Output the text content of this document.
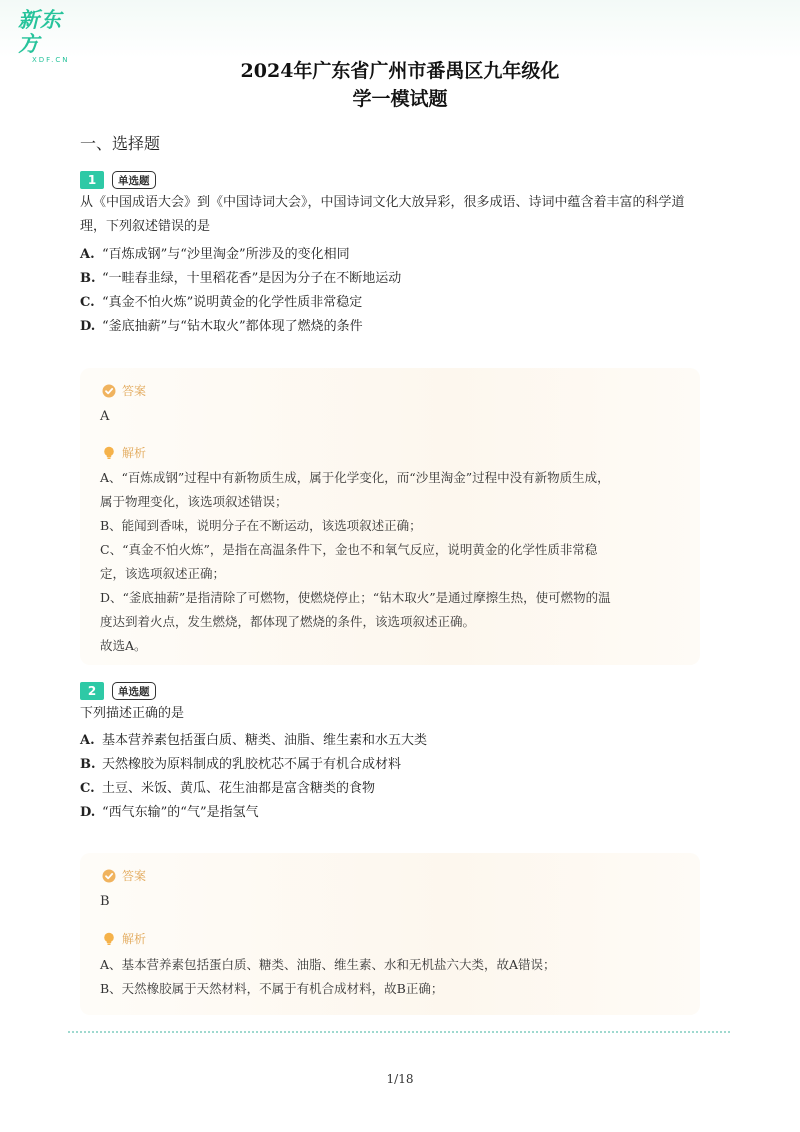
新东方
XDF.CN	2024年广东省广州市番禺区九年级化
学一模试题
一、选择题
1	单选题
从《中国成语大会》到《中国诗词大会》，中国诗词文化大放异彩，很多成语、诗词中蕴含着丰富的科学道理，下列叙述错误的是
A. “百炼成钢”与“沙里淘金”所涉及的变化相同
B. “一畦春韭绿，十里稻花香”是因为分子在不断地运动
C. “真金不怕火炼”说明黄金的化学性质非常稳定
D. “釜底抽薪”与“钻木取火”都体现了燃烧的条件
答案
A
解析
A、“百炼成钢”过程中有新物质生成，属于化学变化，而“沙里淘金”过程中没有新物质生成，
属于物理变化，该选项叙述错误；
B、能闻到香味，说明分子在不断运动，该选项叙述正确；
C、“真金不怕火炼”，是指在高温条件下，金也不和氧气反应，说明黄金的化学性质非常稳
定，该选项叙述正确；
D、“釜底抽薪”是指清除了可燃物，使燃烧停止；“钻木取火”是通过摩擦生热，使可燃物的温
度达到着火点，发生燃烧，都体现了燃烧的条件，该选项叙述正确。
故选A。
2	单选题
下列描述正确的是
A. 基本营养素包括蛋白质、糖类、油脂、维生素和水五大类
B. 天然橡胶为原料制成的乳胶枕芯不属于有机合成材料
C. 土豆、米饭、黄瓜、花生油都是富含糖类的食物
D. “西气东输”的“气”是指氢气
答案
B
解析
A、基本营养素包括蛋白质、糖类、油脂、维生素、水和无机盐六大类，故A错误；
B、天然橡胶属于天然材料，不属于有机合成材料，故B正确；
1/18
